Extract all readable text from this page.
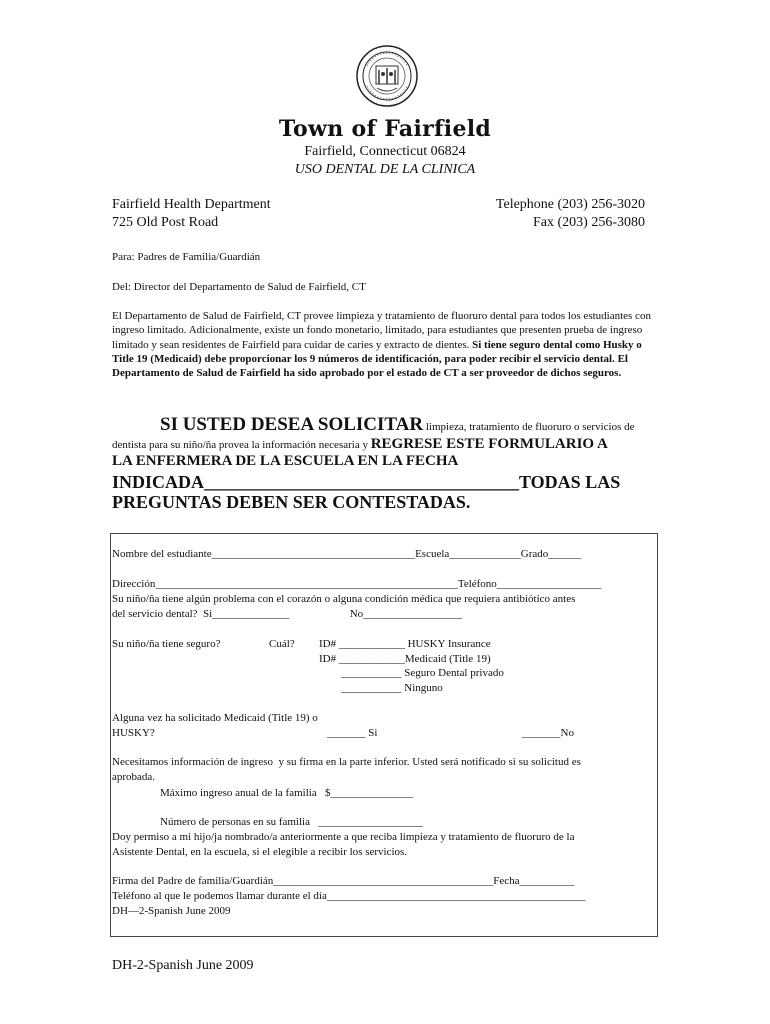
Town of Fairfield
Fairfield, Connecticut 06824
USO DENTAL DE LA CLINICA
Fairfield Health Department
725 Old Post Road
Telephone (203) 256-3020
Fax (203) 256-3080
Para: Padres de Familia/Guardián
Del: Director del Departamento de Salud de Fairfield, CT
El Departamento de Salud de Fairfield, CT provee limpieza y tratamiento de fluoruro dental para todos los estudiantes con ingreso limitado. Adicionalmente, existe un fondo monetario, limitado, para estudiantes que presenten prueba de ingreso limitado y sean residentes de Fairfield para cuidar de caries y extracto de dientes. Si tiene seguro dental como Husky o Title 19 (Medicaid) debe proporcionar los 9 números de identificación, para poder recibir el servicio dental. El Departamento de Salud de Fairfield ha sido aprobado por el estado de CT a ser proveedor de dichos seguros.
SI USTED DESEA SOLICITAR limpieza, tratamiento de fluoruro o servicios de
dentista para su niño/ña provea la información necesaria y REGRESE ESTE FORMULARIO A
LA ENFERMERA DE LA ESCUELA EN LA FECHA
INDICADA___________________________________TODAS LAS
PREGUNTAS DEBEN SER CONTESTADAS.
Nombre del estudiante_____________________________________Escuela_____________Grado______
Dirección_______________________________________________________Teléfono___________________
Su niño/ña tiene algún problema con el corazón o alguna condición médica que requiera antibiótico antes
del servicio dental?  Si______________                      No__________________
Su niño/ña tiene seguro?	Cuál? ID# ____________ HUSKY Insurance
ID# ____________Medicaid (Title 19)
___________ Seguro Dental privado
___________ Ninguno
Alguna vez ha solicitado Medicaid (Title 19) o
HUSKY?	_______ Si	_______No
Necesitamos información de ingreso  y su firma en la parte inferior. Usted será notificado si su solicitud es
aprobada.
Máximo ingreso anual de la familia   $_______________
Número de personas en su familia   ___________________
Doy permiso a mi hijo/ja nombrado/a anteriormente a que reciba limpieza y tratamiento de fluoruro de la
Asistente Dental, en la escuela, si el elegible a recibir los servicios.
Firma del Padre de familia/Guardián________________________________________Fecha__________
Teléfono al que le podemos llamar durante el día_______________________________________________
DH—2-Spanish June 2009
DH-2-Spanish June 2009
